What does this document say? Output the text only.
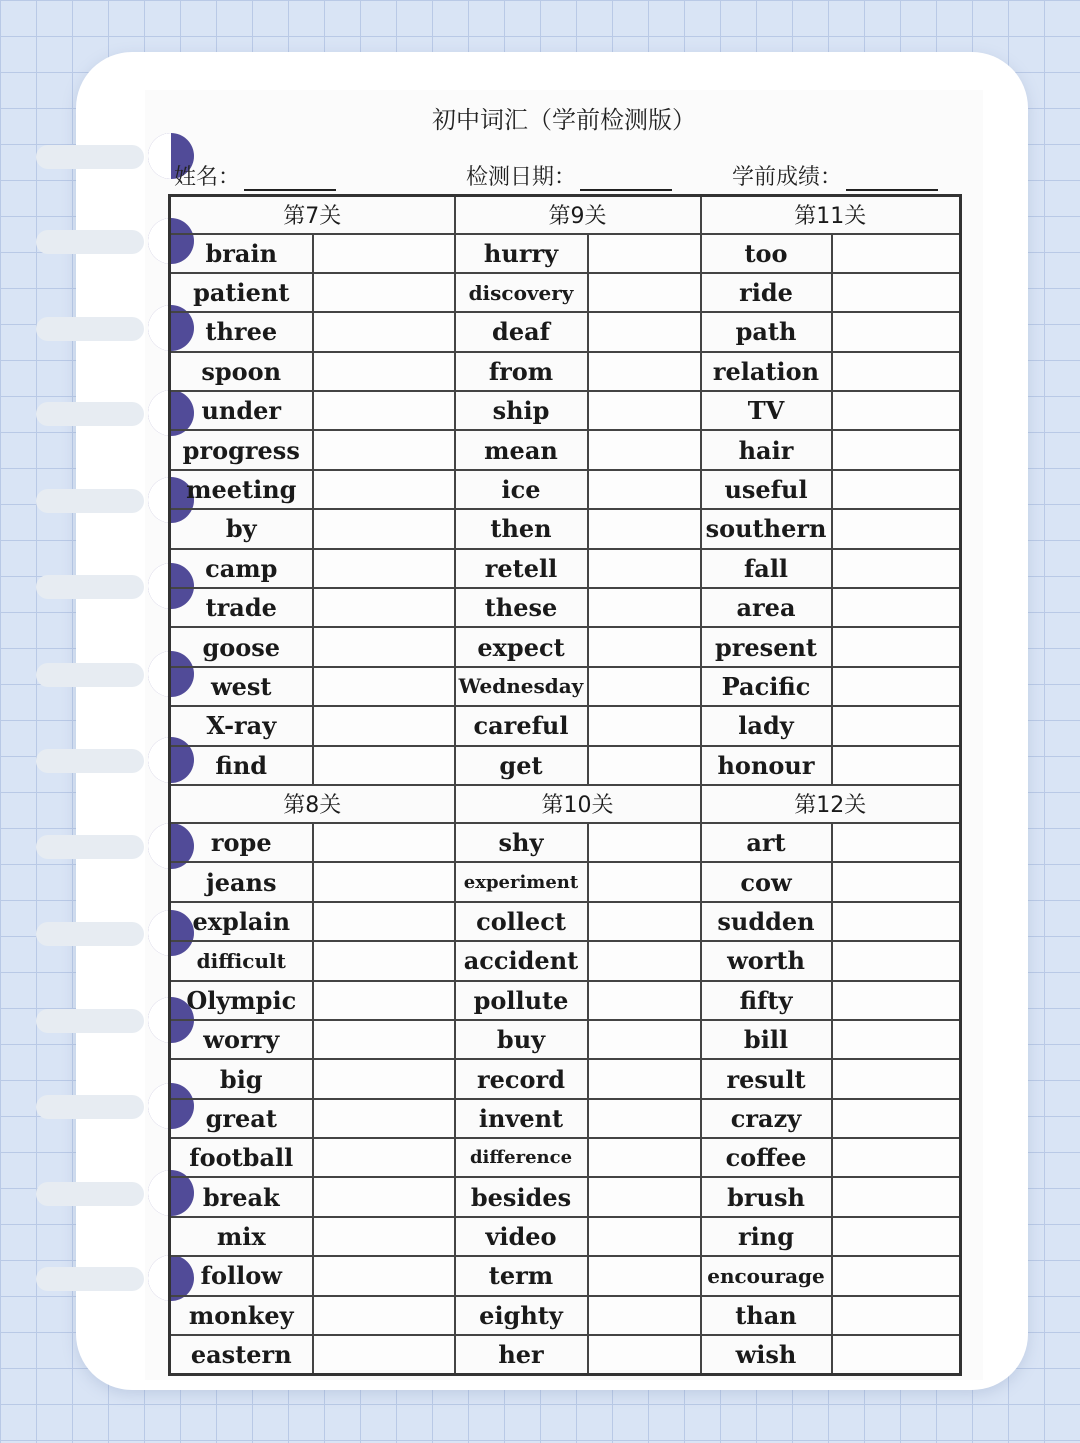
初中词汇（学前检测版）
姓名：	检测日期：	学前成绩：
第7关		第9关		第11关	
brain		hurry		too	
patient		discovery		ride	
three		deaf		path	
spoon		from		relation	
under		ship		TV	
progress		mean		hair	
meeting		ice		useful	
by		then		southern	
camp		retell		fall	
trade		these		area	
goose		expect		present	
west		Wednesday		Pacific	
X-ray		careful		lady	
find		get		honour	
第8关		第10关		第12关	
rope		shy		art	
jeans		experiment		cow	
explain		collect		sudden	
difficult		accident		worth	
Olympic		pollute		fifty	
worry		buy		bill	
big		record		result	
great		invent		crazy	
football		difference		coffee	
break		besides		brush	
mix		video		ring	
follow		term		encourage	
monkey		eighty		than	
eastern		her		wish	
